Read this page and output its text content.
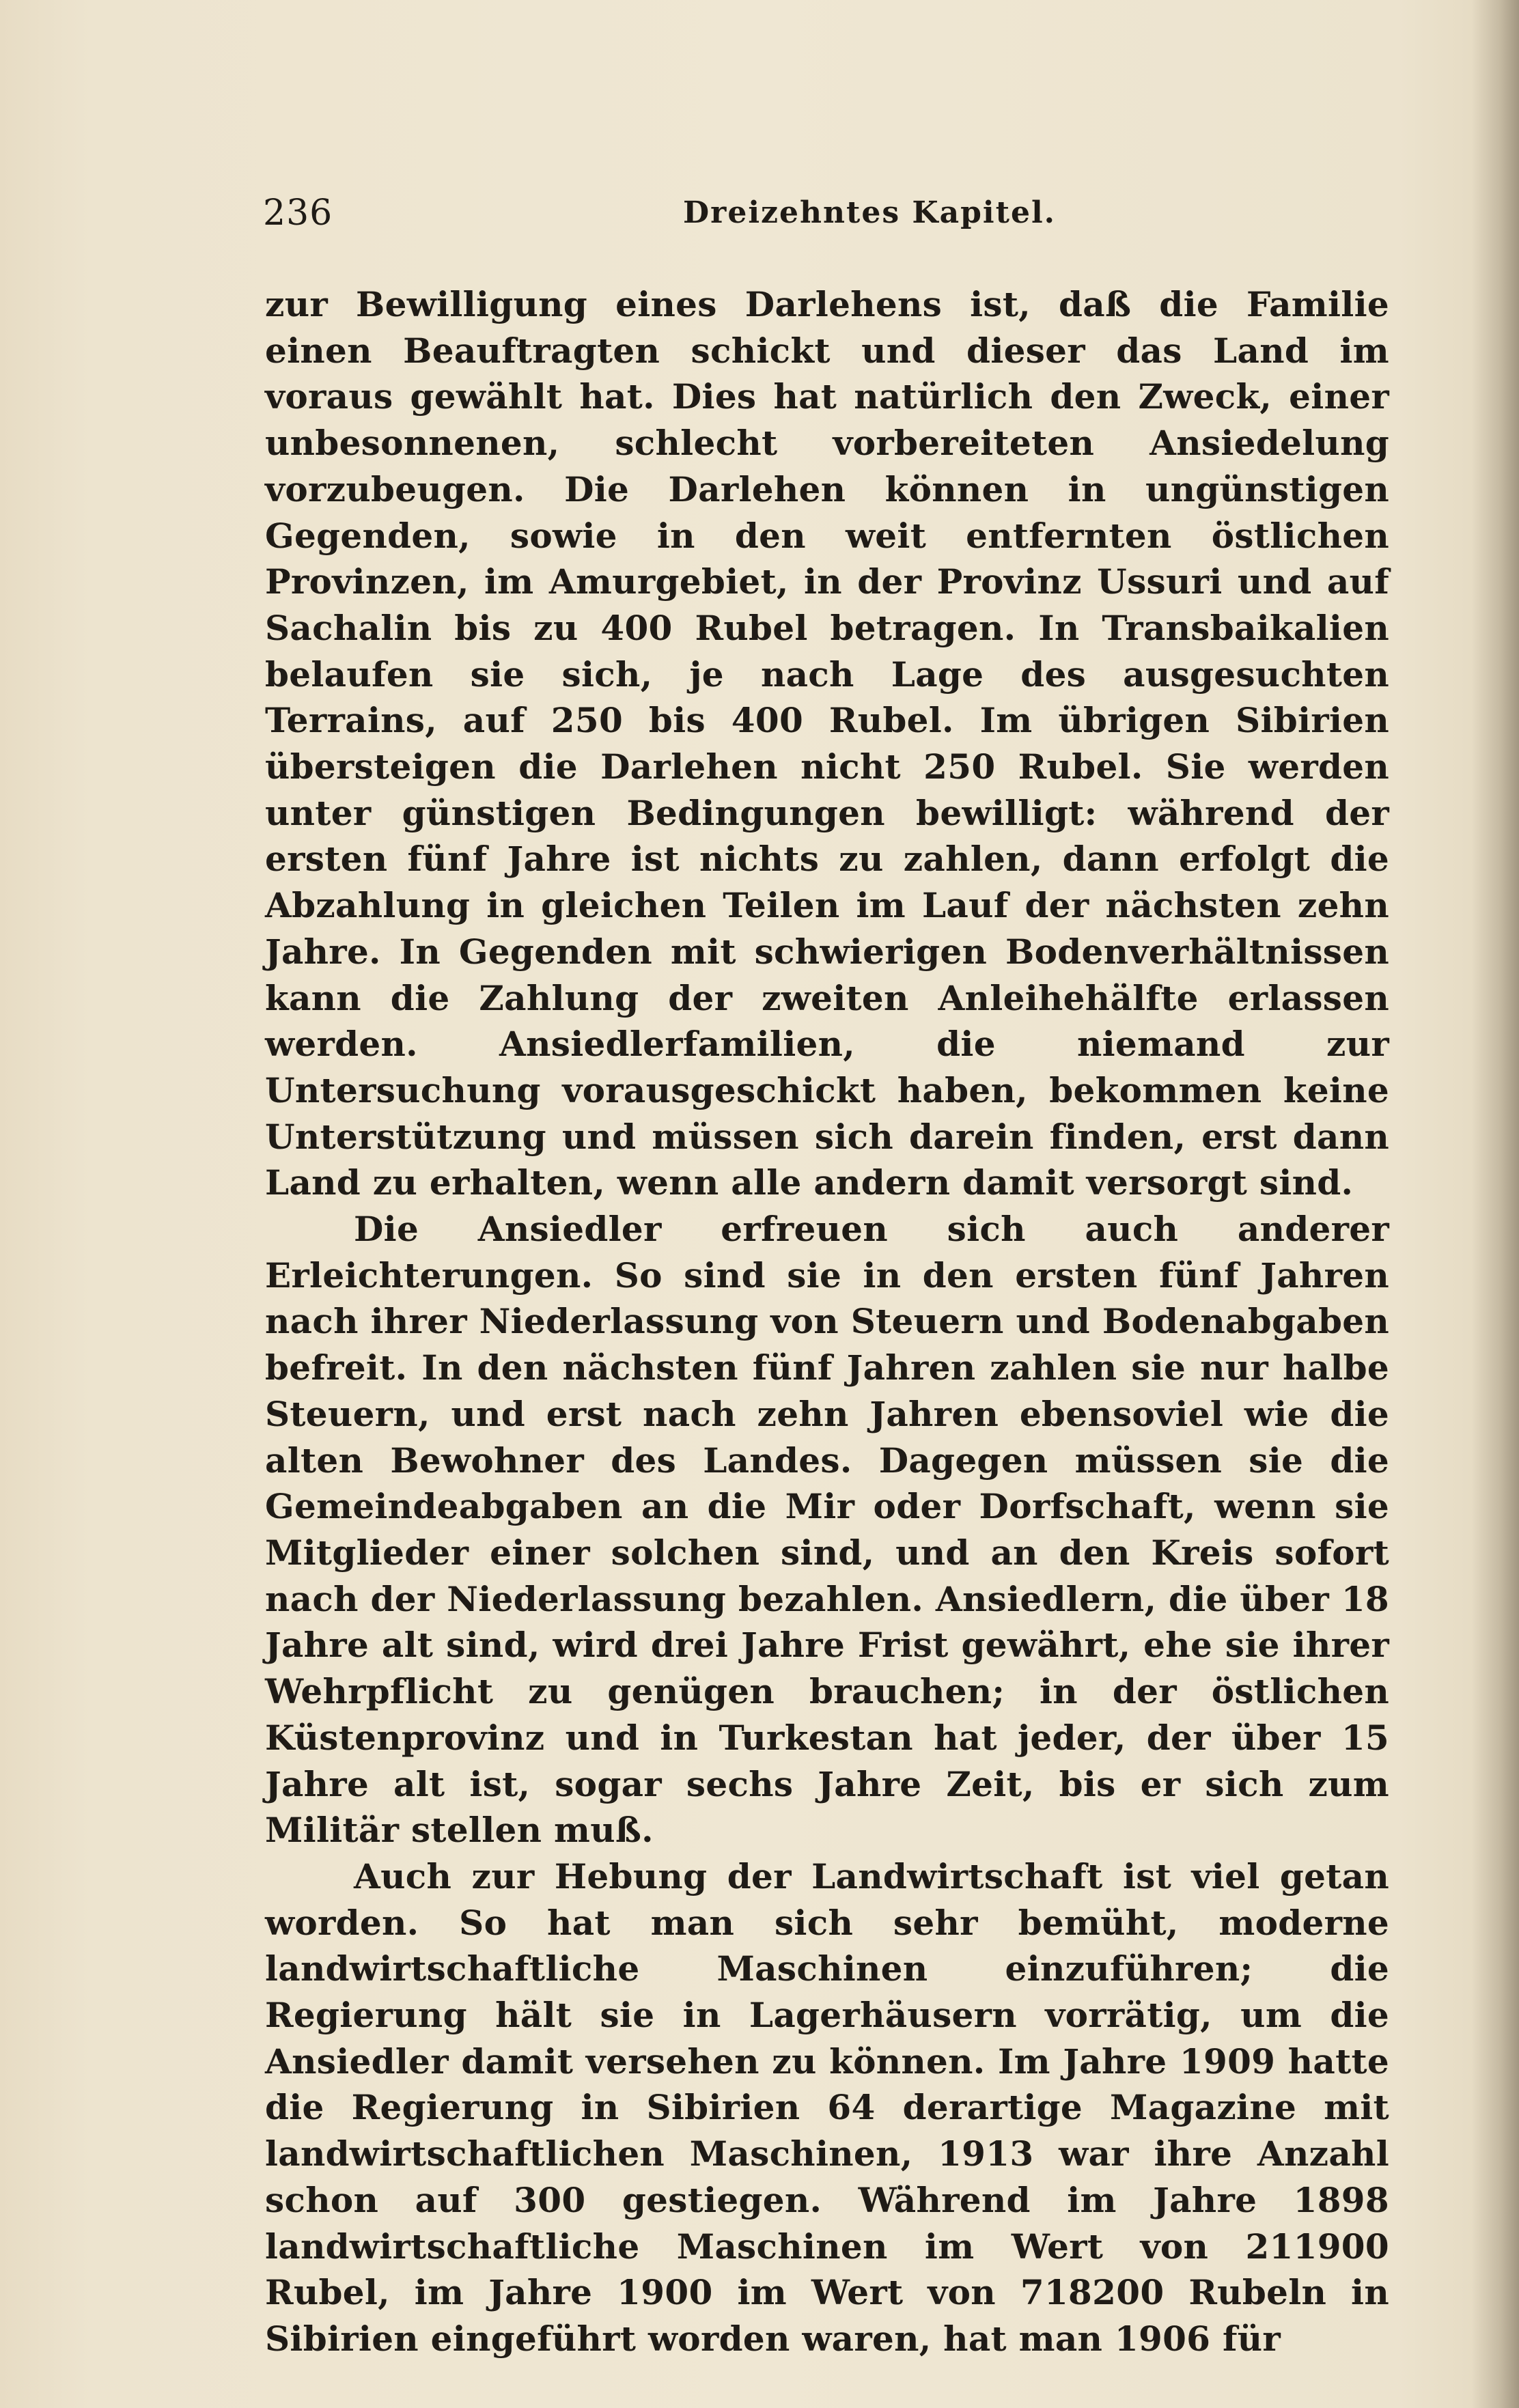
236	Dreizehntes Kapitel.

zur Bewilligung eines Darlehens ist, daß die Familie einen Beauftragten schickt und dieser das Land im voraus gewählt hat. Dies hat natürlich den Zweck, einer unbesonnenen, schlecht vorbereiteten Ansiedelung vorzubeugen. Die Darlehen können in ungünstigen Gegenden, sowie in den weit entfernten östlichen Provinzen, im Amurgebiet, in der Provinz Ussuri und auf Sachalin bis zu 400 Rubel betragen. In Transbaikalien belaufen sie sich, je nach Lage des ausgesuchten Terrains, auf 250 bis 400 Rubel. Im übrigen Sibirien übersteigen die Darlehen nicht 250 Rubel. Sie werden unter günstigen Bedingungen bewilligt: während der ersten fünf Jahre ist nichts zu zahlen, dann erfolgt die Abzahlung in gleichen Teilen im Lauf der nächsten zehn Jahre. In Gegenden mit schwierigen Bodenverhältnissen kann die Zahlung der zweiten Anleihehälfte erlassen werden. Ansiedlerfamilien, die niemand zur Untersuchung vorausgeschickt haben, bekommen keine Unterstützung und müssen sich darein finden, erst dann Land zu erhalten, wenn alle andern damit versorgt sind.

Die Ansiedler erfreuen sich auch anderer Erleichterungen. So sind sie in den ersten fünf Jahren nach ihrer Niederlassung von Steuern und Bodenabgaben befreit. In den nächsten fünf Jahren zahlen sie nur halbe Steuern, und erst nach zehn Jahren ebensoviel wie die alten Bewohner des Landes. Dagegen müssen sie die Gemeindeabgaben an die Mir oder Dorfschaft, wenn sie Mitglieder einer solchen sind, und an den Kreis sofort nach der Niederlassung bezahlen. Ansiedlern, die über 18 Jahre alt sind, wird drei Jahre Frist gewährt, ehe sie ihrer Wehrpflicht zu genügen brauchen; in der östlichen Küstenprovinz und in Turkestan hat jeder, der über 15 Jahre alt ist, sogar sechs Jahre Zeit, bis er sich zum Militär stellen muß.

Auch zur Hebung der Landwirtschaft ist viel getan worden. So hat man sich sehr bemüht, moderne landwirtschaftliche Maschinen einzuführen; die Regierung hält sie in Lagerhäusern vorrätig, um die Ansiedler damit versehen zu können. Im Jahre 1909 hatte die Regierung in Sibirien 64 derartige Magazine mit landwirtschaftlichen Maschinen, 1913 war ihre Anzahl schon auf 300 gestiegen. Während im Jahre 1898 landwirtschaftliche Maschinen im Wert von 211900 Rubel, im Jahre 1900 im Wert von 718200 Rubeln in Sibirien eingeführt worden waren, hat man 1906 für
